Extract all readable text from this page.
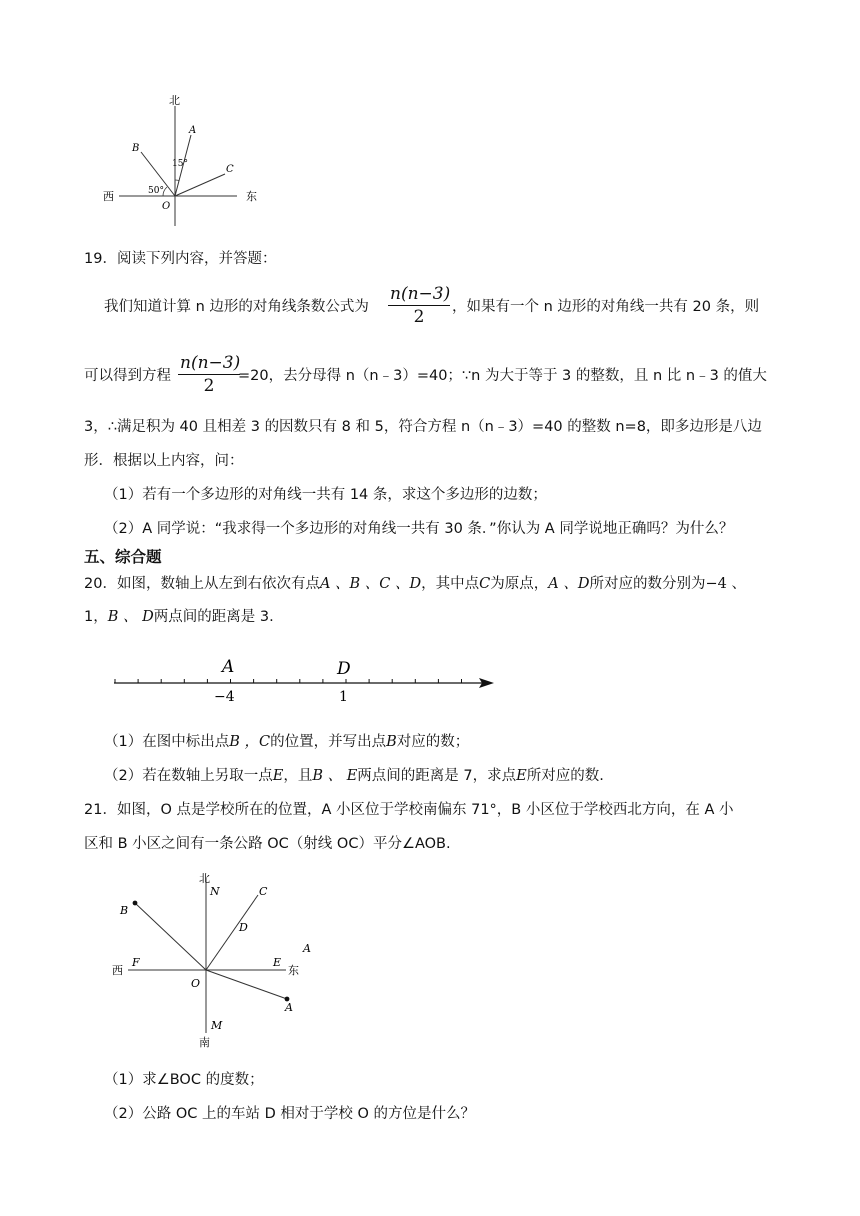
北
西	东
B
A
C
O
15°
50°
19．阅读下列内容，并答题：
我们知道计算 n 边形的对角线条数公式为
n(n−3)
2	，如果有一个 n 边形的对角线一共有 20 条，则
可以得到方程
n(n−3)
2	=20，去分母得 n（n﹣3）=40；∵n 为大于等于 3 的整数，且 n 比 n﹣3 的值大
3，∴满足积为 40 且相差 3 的因数只有 8 和 5，符合方程 n（n﹣3）=40 的整数 n=8，即多边形是八边
形．根据以上内容，问：
（1）若有一个多边形的对角线一共有 14 条，求这个多边形的边数；
（2）A 同学说：“我求得一个多边形的对角线一共有 30 条．”你认为 A 同学说地正确吗？为什么？
五、综合题
20．如图，数轴上从左到右依次有点A 、B 、C 、D，其中点C为原点，A 、D所对应的数分别为−4 、
1，B 、 D两点间的距离是 3.
A	D
−4	1
（1）在图中标出点B ，C的位置，并写出点B对应的数；
（2）若在数轴上另取一点E，且B 、 E两点间的距离是 7，求点E所对应的数.
21．如图，O 点是学校所在的位置，A 小区位于学校南偏东 71°，B 小区位于学校西北方向，在 A 小
区和 B 小区之间有一条公路 OC（射线 OC）平分∠AOB.
北
N	C
B
D
A
西
F	E
东
O
A
M
南
（1）求∠BOC 的度数；
（2）公路 OC 上的车站 D 相对于学校 O 的方位是什么？
